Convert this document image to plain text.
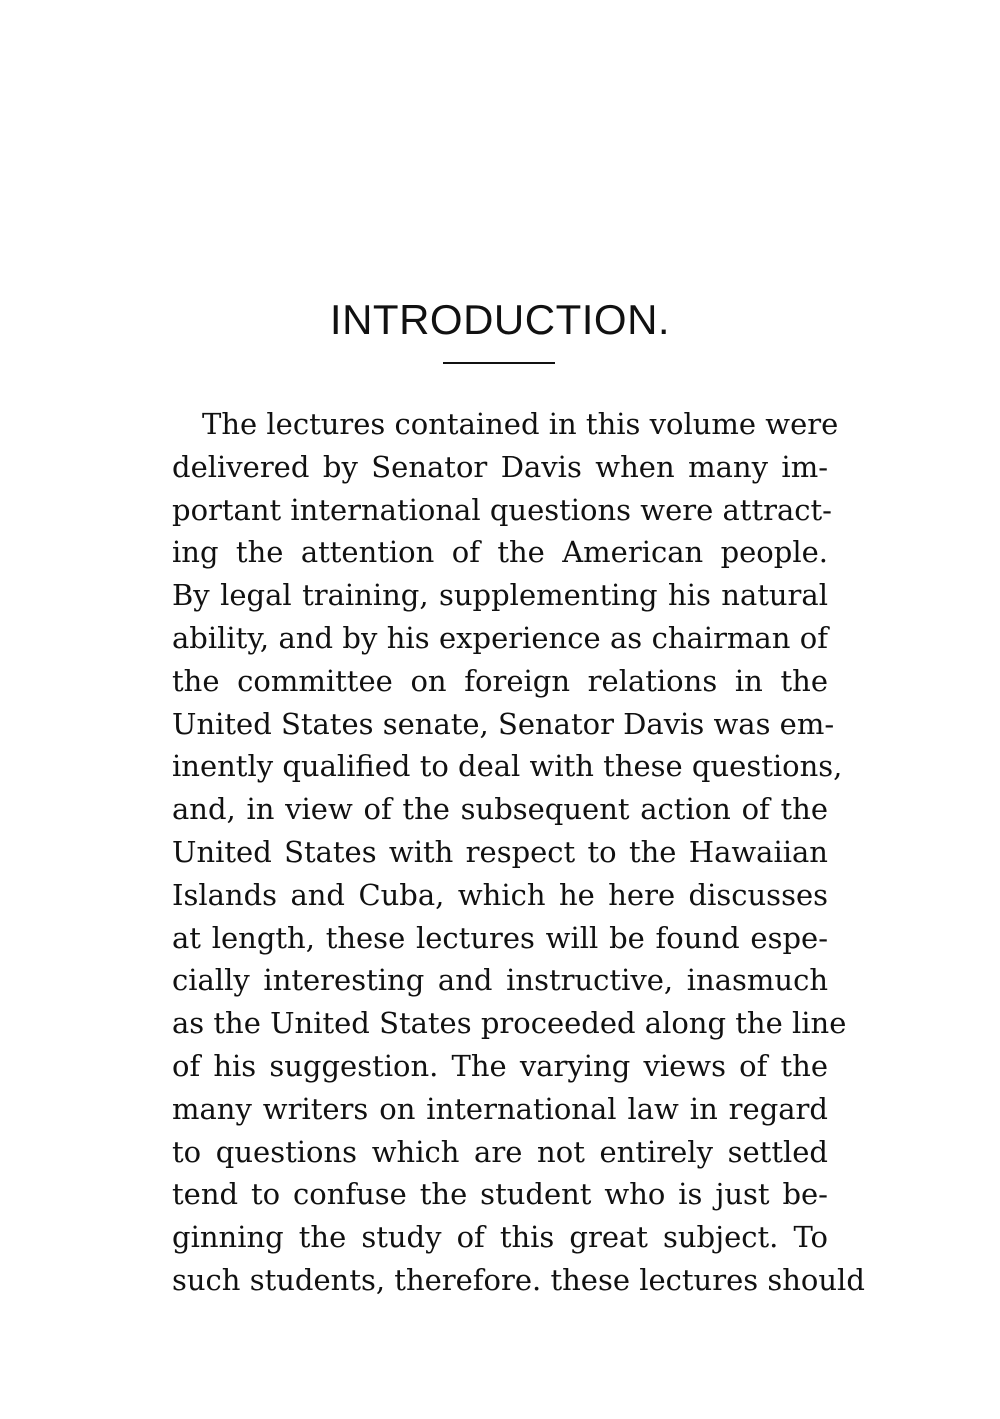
INTRODUCTION.
The lectures contained in this volume were
delivered by Senator Davis when many im-
portant international questions were attract-
ing the attention of the American people.
By legal training, supplementing his natural
ability, and by his experience as chairman of
the committee on foreign relations in the
United States senate, Senator Davis was em-
inently qualified to deal with these questions,
and, in view of the subsequent action of the
United States with respect to the Hawaiian
Islands and Cuba, which he here discusses
at length, these lectures will be found espe-
cially interesting and instructive, inasmuch
as the United States proceeded along the line
of his suggestion. The varying views of the
many writers on international law in regard
to questions which are not entirely settled
tend to confuse the student who is just be-
ginning the study of this great subject. To
such students, therefore. these lectures should
